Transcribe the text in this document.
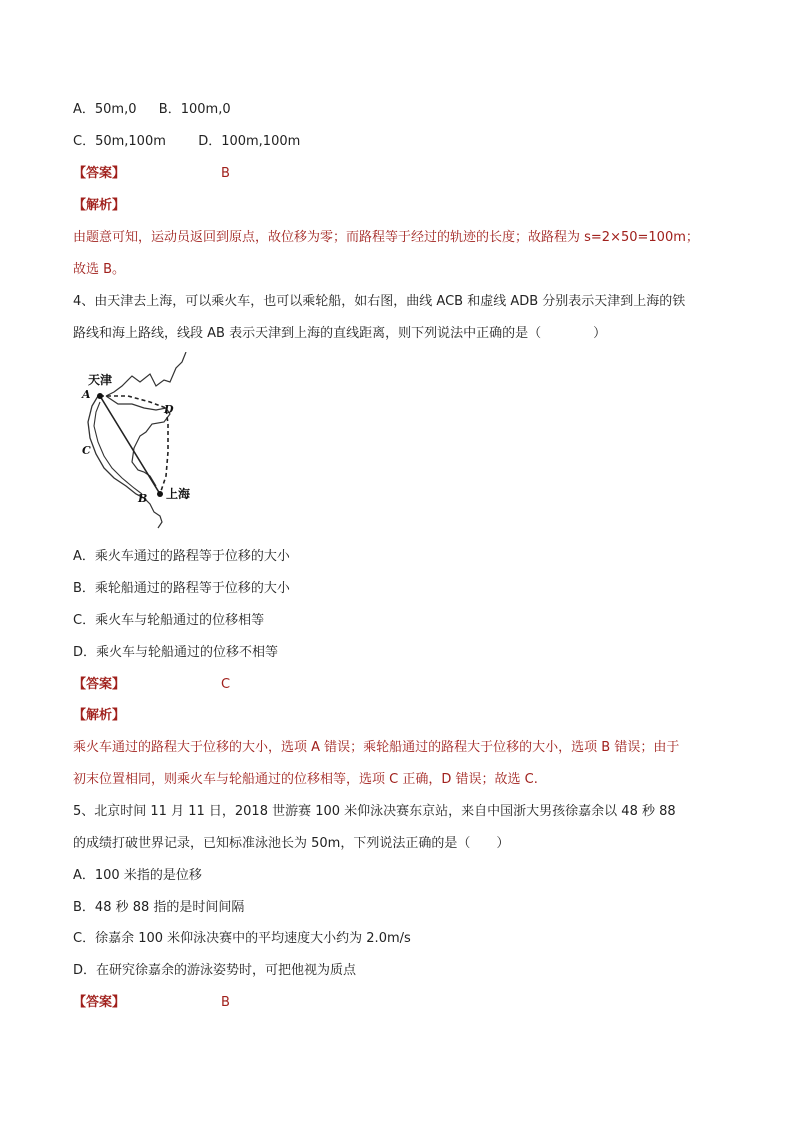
A．50m,0 B．100m,0
C．50m,100m D．100m,100m
【答案】	B
【解析】
由题意可知，运动员返回到原点，故位移为零；而路程等于经过的轨迹的长度；故路程为 s=2×50=100m；
故选 B。
4、由天津去上海，可以乘火车，也可以乘轮船，如右图，曲线 ACB 和虚线 ADB 分别表示天津到上海的铁
路线和海上路线，线段 AB 表示天津到上海的直线距离，则下列说法中正确的是（　　　　）
天津
A
D
C
B 上海
A．乘火车通过的路程等于位移的大小
B．乘轮船通过的路程等于位移的大小
C．乘火车与轮船通过的位移相等
D．乘火车与轮船通过的位移不相等
【答案】	C
【解析】
乘火车通过的路程大于位移的大小，选项 A 错误；乘轮船通过的路程大于位移的大小，选项 B 错误；由于
初末位置相同，则乘火车与轮船通过的位移相等，选项 C 正确，D 错误；故选 C.
5、北京时间 11 月 11 日，2018 世游赛 100 米仰泳决赛东京站，来自中国浙大男孩徐嘉余以 48 秒 88
的成绩打破世界记录，已知标准泳池长为 50m，下列说法正确的是（　　）
A．100 米指的是位移
B．48 秒 88 指的是时间间隔
C．徐嘉余 100 米仰泳决赛中的平均速度大小约为 2.0m/s
D．在研究徐嘉余的游泳姿势时，可把他视为质点
【答案】	B
